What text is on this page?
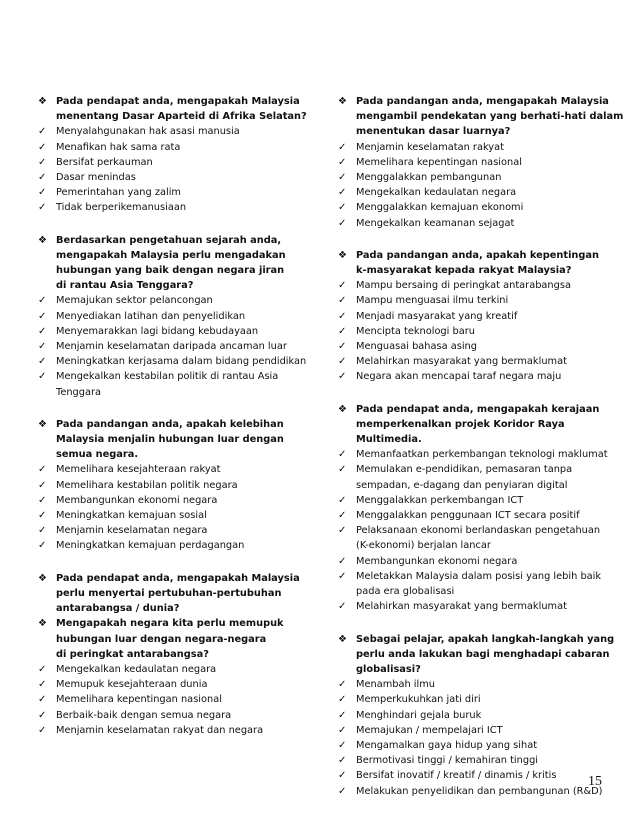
❖ Pada pendapat anda, mengapakah Malaysia
menentang Dasar Aparteid di Afrika Selatan?
✓ Menyalahgunakan hak asasi manusia
✓ Menafikan hak sama rata
✓ Bersifat perkauman
✓ Dasar menindas
✓ Pemerintahan yang zalim
✓ Tidak berperikemanusiaan
❖ Berdasarkan pengetahuan sejarah anda,
mengapakah Malaysia perlu mengadakan
hubungan yang baik dengan negara jiran
di rantau Asia Tenggara?
✓ Memajukan sektor pelancongan
✓ Menyediakan latihan dan penyelidikan
✓ Menyemarakkan lagi bidang kebudayaan
✓ Menjamin keselamatan daripada ancaman luar
✓ Meningkatkan kerjasama dalam bidang pendidikan
✓ Mengekalkan kestabilan politik di rantau Asia
Tenggara
❖ Pada pandangan anda, apakah kelebihan
Malaysia menjalin hubungan luar dengan
semua negara.
✓ Memelihara kesejahteraan rakyat
✓ Memelihara kestabilan politik negara
✓ Membangunkan ekonomi negara
✓ Meningkatkan kemajuan sosial
✓ Menjamin keselamatan negara
✓ Meningkatkan kemajuan perdagangan
❖ Pada pendapat anda, mengapakah Malaysia
perlu menyertai pertubuhan-pertubuhan
antarabangsa / dunia?
❖ Mengapakah negara kita perlu memupuk
hubungan luar dengan negara-negara
di peringkat antarabangsa?
✓ Mengekalkan kedaulatan negara
✓ Memupuk kesejahteraan dunia
✓ Memelihara kepentingan nasional
✓ Berbaik-baik dengan semua negara
✓ Menjamin keselamatan rakyat dan negara
❖ Pada pandangan anda, mengapakah Malaysia
mengambil pendekatan yang berhati-hati dalam
menentukan dasar luarnya?
✓ Menjamin keselamatan rakyat
✓ Memelihara kepentingan nasional
✓ Menggalakkan pembangunan
✓ Mengekalkan kedaulatan negara
✓ Menggalakkan kemajuan ekonomi
✓ Mengekalkan keamanan sejagat
❖ Pada pandangan anda, apakah kepentingan
k-masyarakat kepada rakyat Malaysia?
✓ Mampu bersaing di peringkat antarabangsa
✓ Mampu menguasai ilmu terkini
✓ Menjadi masyarakat yang kreatif
✓ Mencipta teknologi baru
✓ Menguasai bahasa asing
✓ Melahirkan masyarakat yang bermaklumat
✓ Negara akan mencapai taraf negara maju
❖ Pada pendapat anda, mengapakah kerajaan
memperkenalkan projek Koridor Raya
Multimedia.
✓ Memanfaatkan perkembangan teknologi maklumat
✓ Memulakan e-pendidikan, pemasaran tanpa
sempadan, e-dagang dan penyiaran digital
✓ Menggalakkan perkembangan ICT
✓ Menggalakkan penggunaan ICT secara positif
✓ Pelaksanaan ekonomi berlandaskan pengetahuan
(K-ekonomi) berjalan lancar
✓ Membangunkan ekonomi negara
✓ Meletakkan Malaysia dalam posisi yang lebih baik
pada era globalisasi
✓ Melahirkan masyarakat yang bermaklumat
❖ Sebagai pelajar, apakah langkah-langkah yang
perlu anda lakukan bagi menghadapi cabaran
globalisasi?
✓ Menambah ilmu
✓ Memperkukuhkan jati diri
✓ Menghindari gejala buruk
✓ Memajukan / mempelajari ICT
✓ Mengamalkan gaya hidup yang sihat
✓ Bermotivasi tinggi / kemahiran tinggi
✓ Bersifat inovatif / kreatif / dinamis / kritis
✓ Melakukan penyelidikan dan pembangunan (R&D)
15
